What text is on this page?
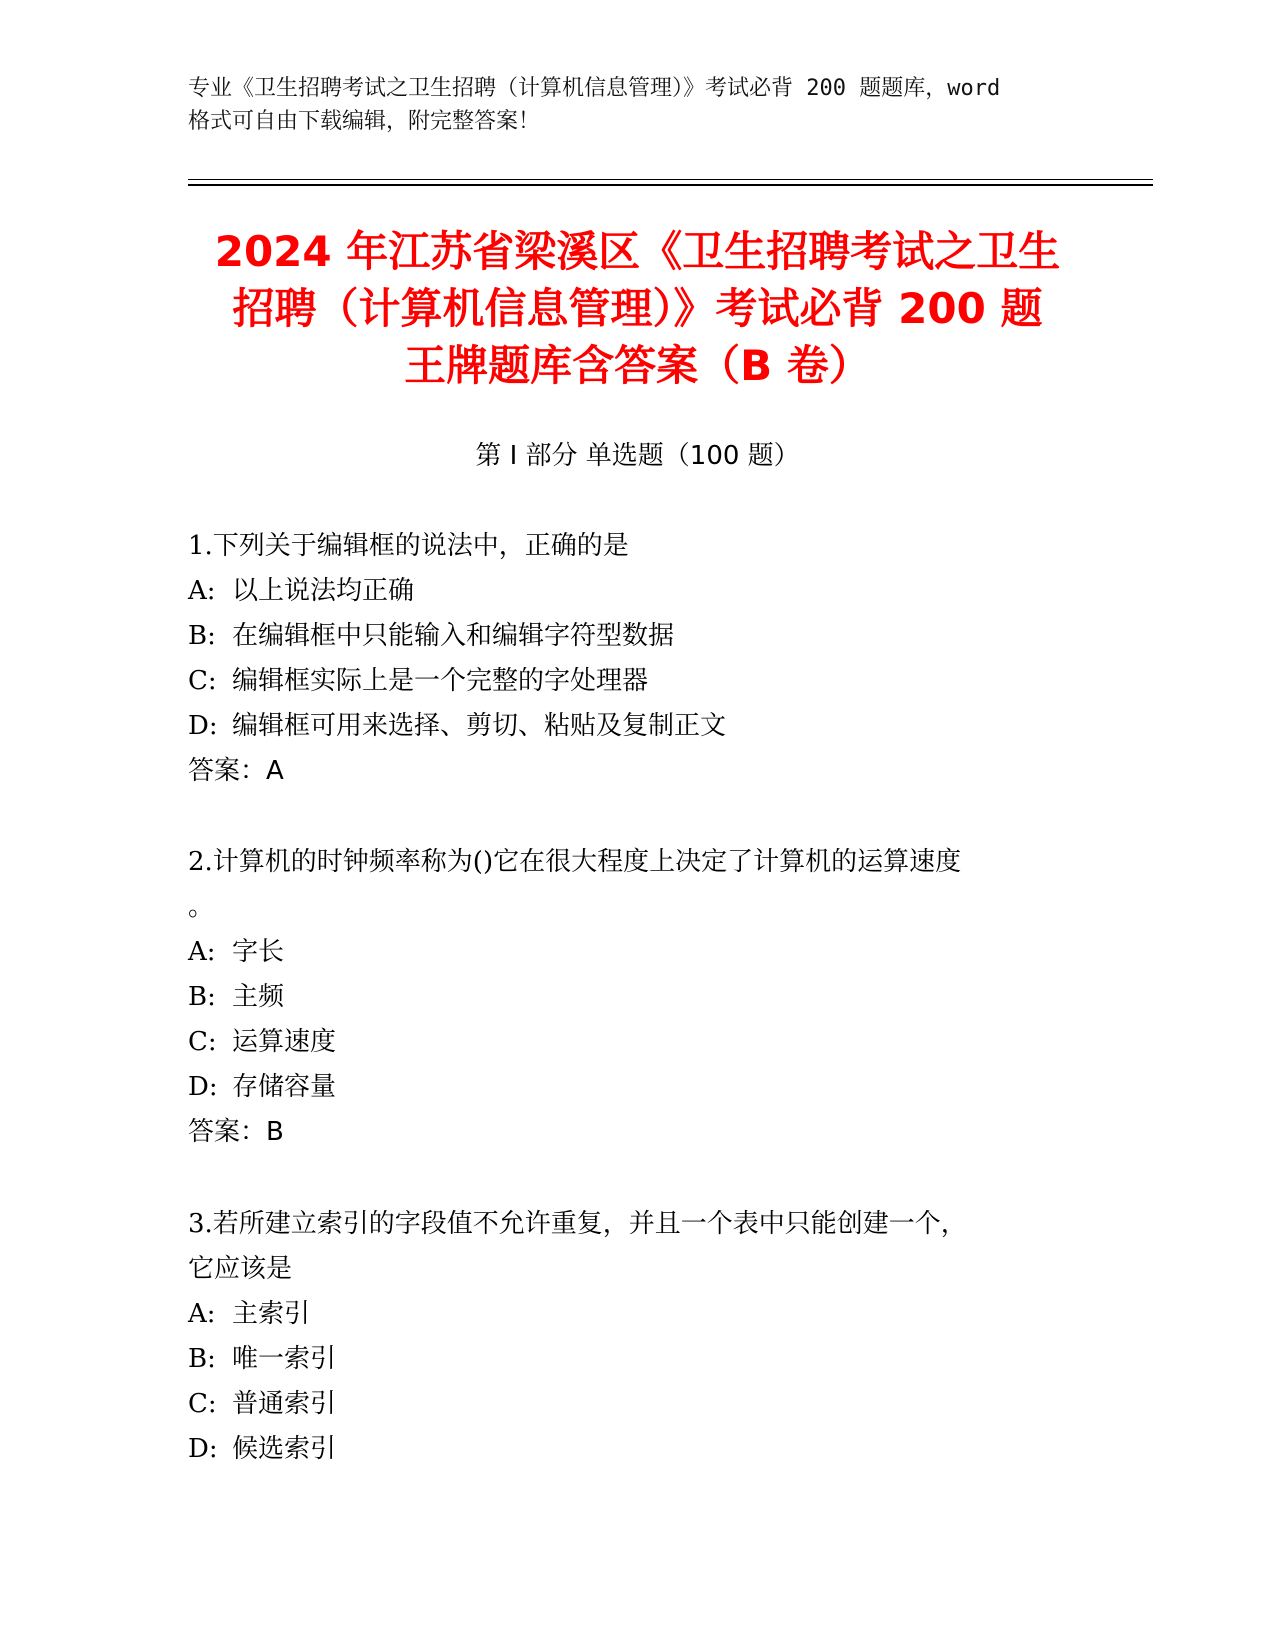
专业《卫生招聘考试之卫生招聘（计算机信息管理）》考试必背 200 题题库，word
格式可自由下载编辑，附完整答案！
2024 年江苏省梁溪区《卫生招聘考试之卫生
招聘（计算机信息管理）》考试必背 200 题
王牌题库含答案（B 卷）
第 I 部分 单选题（100 题）
1.下列关于编辑框的说法中，正确的是
A: 以上说法均正确
B: 在编辑框中只能输入和编辑字符型数据
C: 编辑框实际上是一个完整的字处理器
D: 编辑框可用来选择、剪切、粘贴及复制正文
答案：A
2.计算机的时钟频率称为()它在很大程度上决定了计算机的运算速度
。
A: 字长
B: 主频
C: 运算速度
D: 存储容量
答案：B
3.若所建立索引的字段值不允许重复，并且一个表中只能创建一个，
它应该是
A: 主索引
B: 唯一索引
C: 普通索引
D: 候选索引
